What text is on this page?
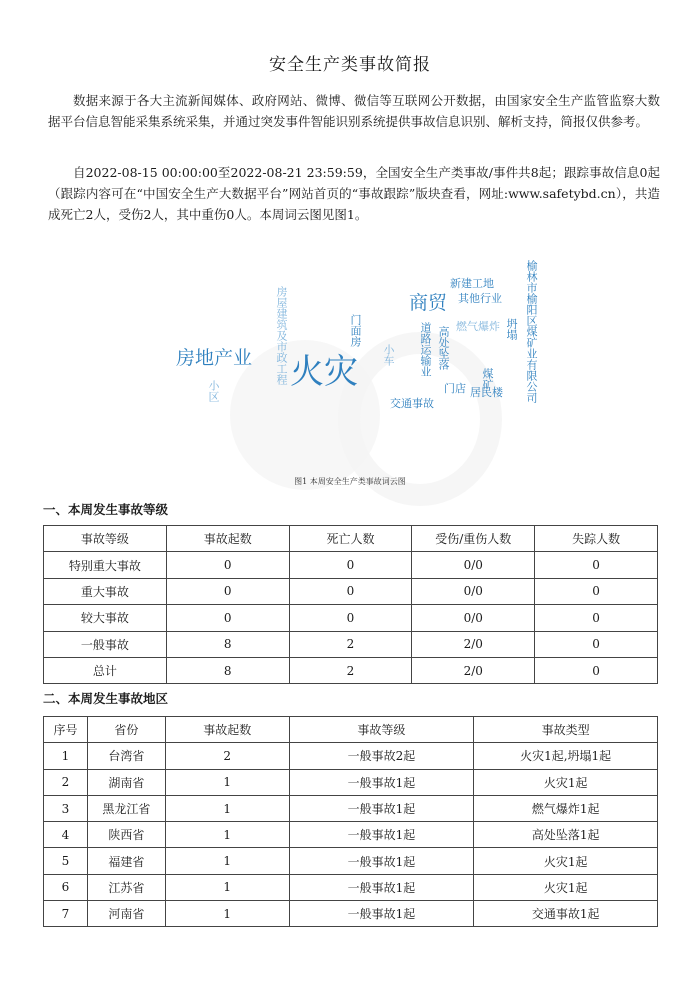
安全生产类事故简报
数据来源于各大主流新闻媒体、政府网站、微博、微信等互联网公开数据，由国家安全生产监管监察大数据平台信息智能采集系统采集，并通过突发事件智能识别系统提供事故信息识别、解析支持，简报仅供参考。
自2022-08-15 00:00:00至2022-08-21 23:59:59，全国安全生产类事故/事件共8起；跟踪事故信息0起（跟踪内容可在“中国安全生产大数据平台”网站首页的“事故跟踪”版块查看，网址:www.safetybd.cn），共造成死亡2人，受伤2人，其中重伤0人。本周词云图见图1。
火灾
房地产业
商贸
新建工地
其他行业
燃气爆炸
房屋建筑及市政工程	门面房	道路运输业 高处坠落
煤矿
居民楼
门店
交通事故
小区
小车
坍塌 榆林市榆阳区煤矿业有限公司
图1 本周安全生产类事故词云图
一、本周发生事故等级
事故等级	事故起数	死亡人数	受伤/重伤人数	失踪人数
特别重大事故	0	0	0/0	0
重大事故	0	0	0/0	0
较大事故	0	0	0/0	0
一般事故	8	2	2/0	0
总计	8	2	2/0	0
二、本周发生事故地区
序号	省份	事故起数	事故等级	事故类型
1	台湾省	2	一般事故2起	火灾1起,坍塌1起
2	湖南省	1	一般事故1起	火灾1起
3	黑龙江省	1	一般事故1起	燃气爆炸1起
4	陕西省	1	一般事故1起	高处坠落1起
5	福建省	1	一般事故1起	火灾1起
6	江苏省	1	一般事故1起	火灾1起
7	河南省	1	一般事故1起	交通事故1起
